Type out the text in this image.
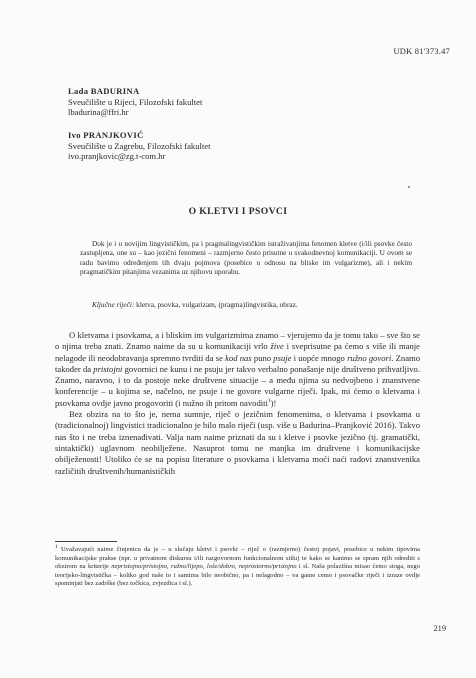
UDK 81'373.47
Lada BADURINA
Sveučilište u Rijeci, Filozofski fakultet
lbadurina@ffri.hr
Ivo PRANJKOVIĆ
Sveučilište u Zagrebu, Filozofski fakultet
ivo.pranjkovic@zg.t-com.hr
O KLETVI I PSOVCI

Dok je i u novijim lingvističkim, pa i pragmalingvističkim istraživanjima fenomen kletve (i/ili psovke često zastupljena, one su – kao jezični fenomeni – razmjerno često prisutne u svakodnevnoj komunikaciji. U ovom se radu bavimo određenjem tih dvaju pojmova (posebice u odnosu na bliske im vulgarizme), ali i nekim pragmatičkim pitanjima vezanima uz njihovu uporabu.

Ključne riječi: kletva, psovka, vulgarizam, (pragma)lingvistika, obraz.

O kletvama i psovkama, a i bliskim im vulgarizmima znamo – vjerujemo da je tomu tako – sve što se o njima treba znati. Znamo naime da su u komunikaciji vrlo žive i sveprisutne pa ćemo s više ili manje nelagode ili neodobravanja spremno tvrditi da se kod nas puno psuje i uopće mnogo ružno govori. Znamo također da pristojni govornici ne kunu i ne psuju jer takvo verbalno ponašanje nije društveno prihvatljivo. Znamo, naravno, i to da postoje neke društvene situacije – a među njima su nedvojbeno i znanstvene konferencije – u kojima se, načelno, ne psuje i ne govore vulgarne riječi. Ipak, mi ćemo o kletvama i psovkama ovdje javno progovoriti (i nužno ih pritom navoditi$^1$)!

Bez obzira na to što je, nema sumnje, riječ o jezičnim fenomenima, o kletvama i psovkama u (tradicionalnoj) lingvistici tradicionalno je bilo malo riječi (usp. više u Badurina–Pranjković 2016). Takvo nas što i ne treba iznenađivati. Valja nam naime priznati da su i kletve i psovke jezično (tj. gramatički, sintaktički) uglavnom neobilježene. Nasuprot tomu ne manjka im društvene i komunikacijske obilježenosti! Utoliko će se na popisu literature o psovkama i kletvama moći naći radovi znanstvenika različitih društvenih/humanističkih

$^1$ Uvažavajući naime činjenicu da je – u slučaju kletvi i psovki – riječ o (razmjerno) čestoj pojavi, posebice u nekim tipovima komunikacijske prakse (npr. u privatnom diskursu i/ili razgovornom funkcionalnom stilu) te kako se kanimo se spram njih odrediti s obzirom na kriterije nepristojno/pristojno, ružno/lijepo, loše/dobro, neprostorno/pristojno i sl. Naša polazišna misao ćemo stoga, nego teorijsko-lingvistička – koliko god naše to i samima bilo neobično, pa i nelagodno – va game cemo i psovačke riječi i izraze ovdje spominjati bez zadrške (bez točkica, zvjezdica i sl.).
219
